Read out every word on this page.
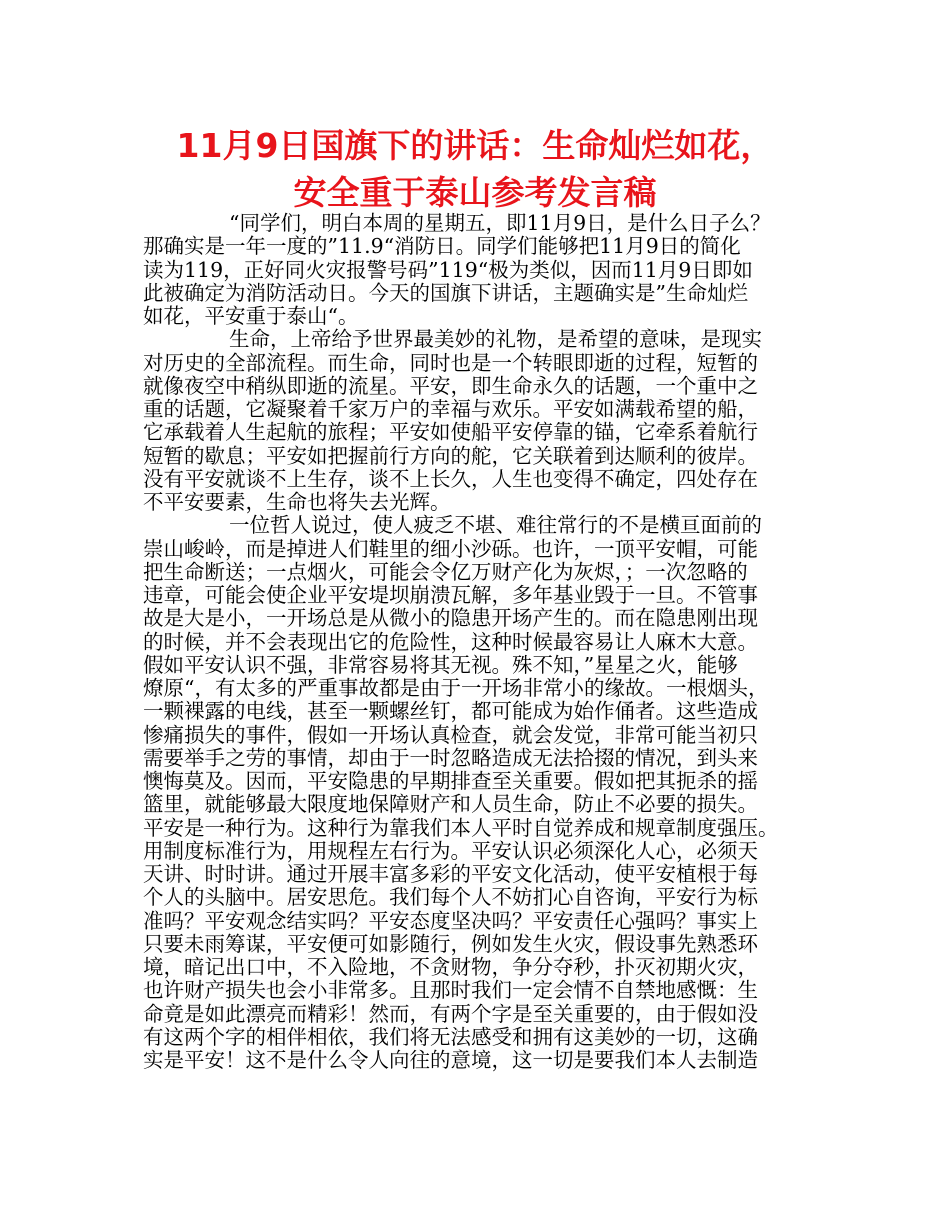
11月9日国旗下的讲话：生命灿烂如花，
安全重于泰山参考发言稿
“同学们，明白本周的星期五，即11月9日，是什么日子么？
那确实是一年一度的”11.9“消防日。同学们能够把11月9日的简化
读为119，正好同火灾报警号码”119“极为类似，因而11月9日即如
此被确定为消防活动日。今天的国旗下讲话，主题确实是”生命灿烂
如花，平安重于泰山“。
生命，上帝给予世界最美妙的礼物，是希望的意味，是现实
对历史的全部流程。而生命，同时也是一个转眼即逝的过程，短暂的
就像夜空中稍纵即逝的流星。平安，即生命永久的话题，一个重中之
重的话题，它凝聚着千家万户的幸福与欢乐。平安如满载希望的船，
它承载着人生起航的旅程；平安如使船平安停靠的锚，它牵系着航行
短暂的歇息；平安如把握前行方向的舵，它关联着到达顺利的彼岸。
没有平安就谈不上生存，谈不上长久，人生也变得不确定，四处存在
不平安要素，生命也将失去光辉。
一位哲人说过，使人疲乏不堪、难往常行的不是横亘面前的
崇山峻岭，而是掉进人们鞋里的细小沙砾。也许，一顶平安帽，可能
把生命断送；一点烟火，可能会令亿万财产化为灰烬，；一次忽略的
违章，可能会使企业平安堤坝崩溃瓦解，多年基业毁于一旦。不管事
故是大是小，一开场总是从微小的隐患开场产生的。而在隐患刚出现
的时候，并不会表现出它的危险性，这种时候最容易让人麻木大意。
假如平安认识不强，非常容易将其无视。殊不知，”星星之火，能够
燎原“，有太多的严重事故都是由于一开场非常小的缘故。一根烟头，
一颗裸露的电线，甚至一颗螺丝钉，都可能成为始作俑者。这些造成
惨痛损失的事件，假如一开场认真检查，就会发觉，非常可能当初只
需要举手之劳的事情，却由于一时忽略造成无法拾掇的情况，到头来
懊悔莫及。因而，平安隐患的早期排查至关重要。假如把其扼杀的摇
篮里，就能够最大限度地保障财产和人员生命，防止不必要的损失。
平安是一种行为。这种行为靠我们本人平时自觉养成和规章制度强压。
用制度标准行为，用规程左右行为。平安认识必须深化人心，必须天
天讲、时时讲。通过开展丰富多彩的平安文化活动，使平安植根于每
个人的头脑中。居安思危。我们每个人不妨扪心自咨询，平安行为标
准吗？平安观念结实吗？平安态度坚决吗？平安责任心强吗？事实上
只要未雨筹谋，平安便可如影随行，例如发生火灾，假设事先熟悉环
境，暗记出口中，不入险地，不贪财物，争分夺秒，扑灭初期火灾，
也许财产损失也会小非常多。且那时我们一定会情不自禁地感慨：生
命竟是如此漂亮而精彩！然而，有两个字是至关重要的，由于假如没
有这两个字的相伴相依，我们将无法感受和拥有这美妙的一切，这确
实是平安！这不是什么令人向往的意境，这一切是要我们本人去制造
